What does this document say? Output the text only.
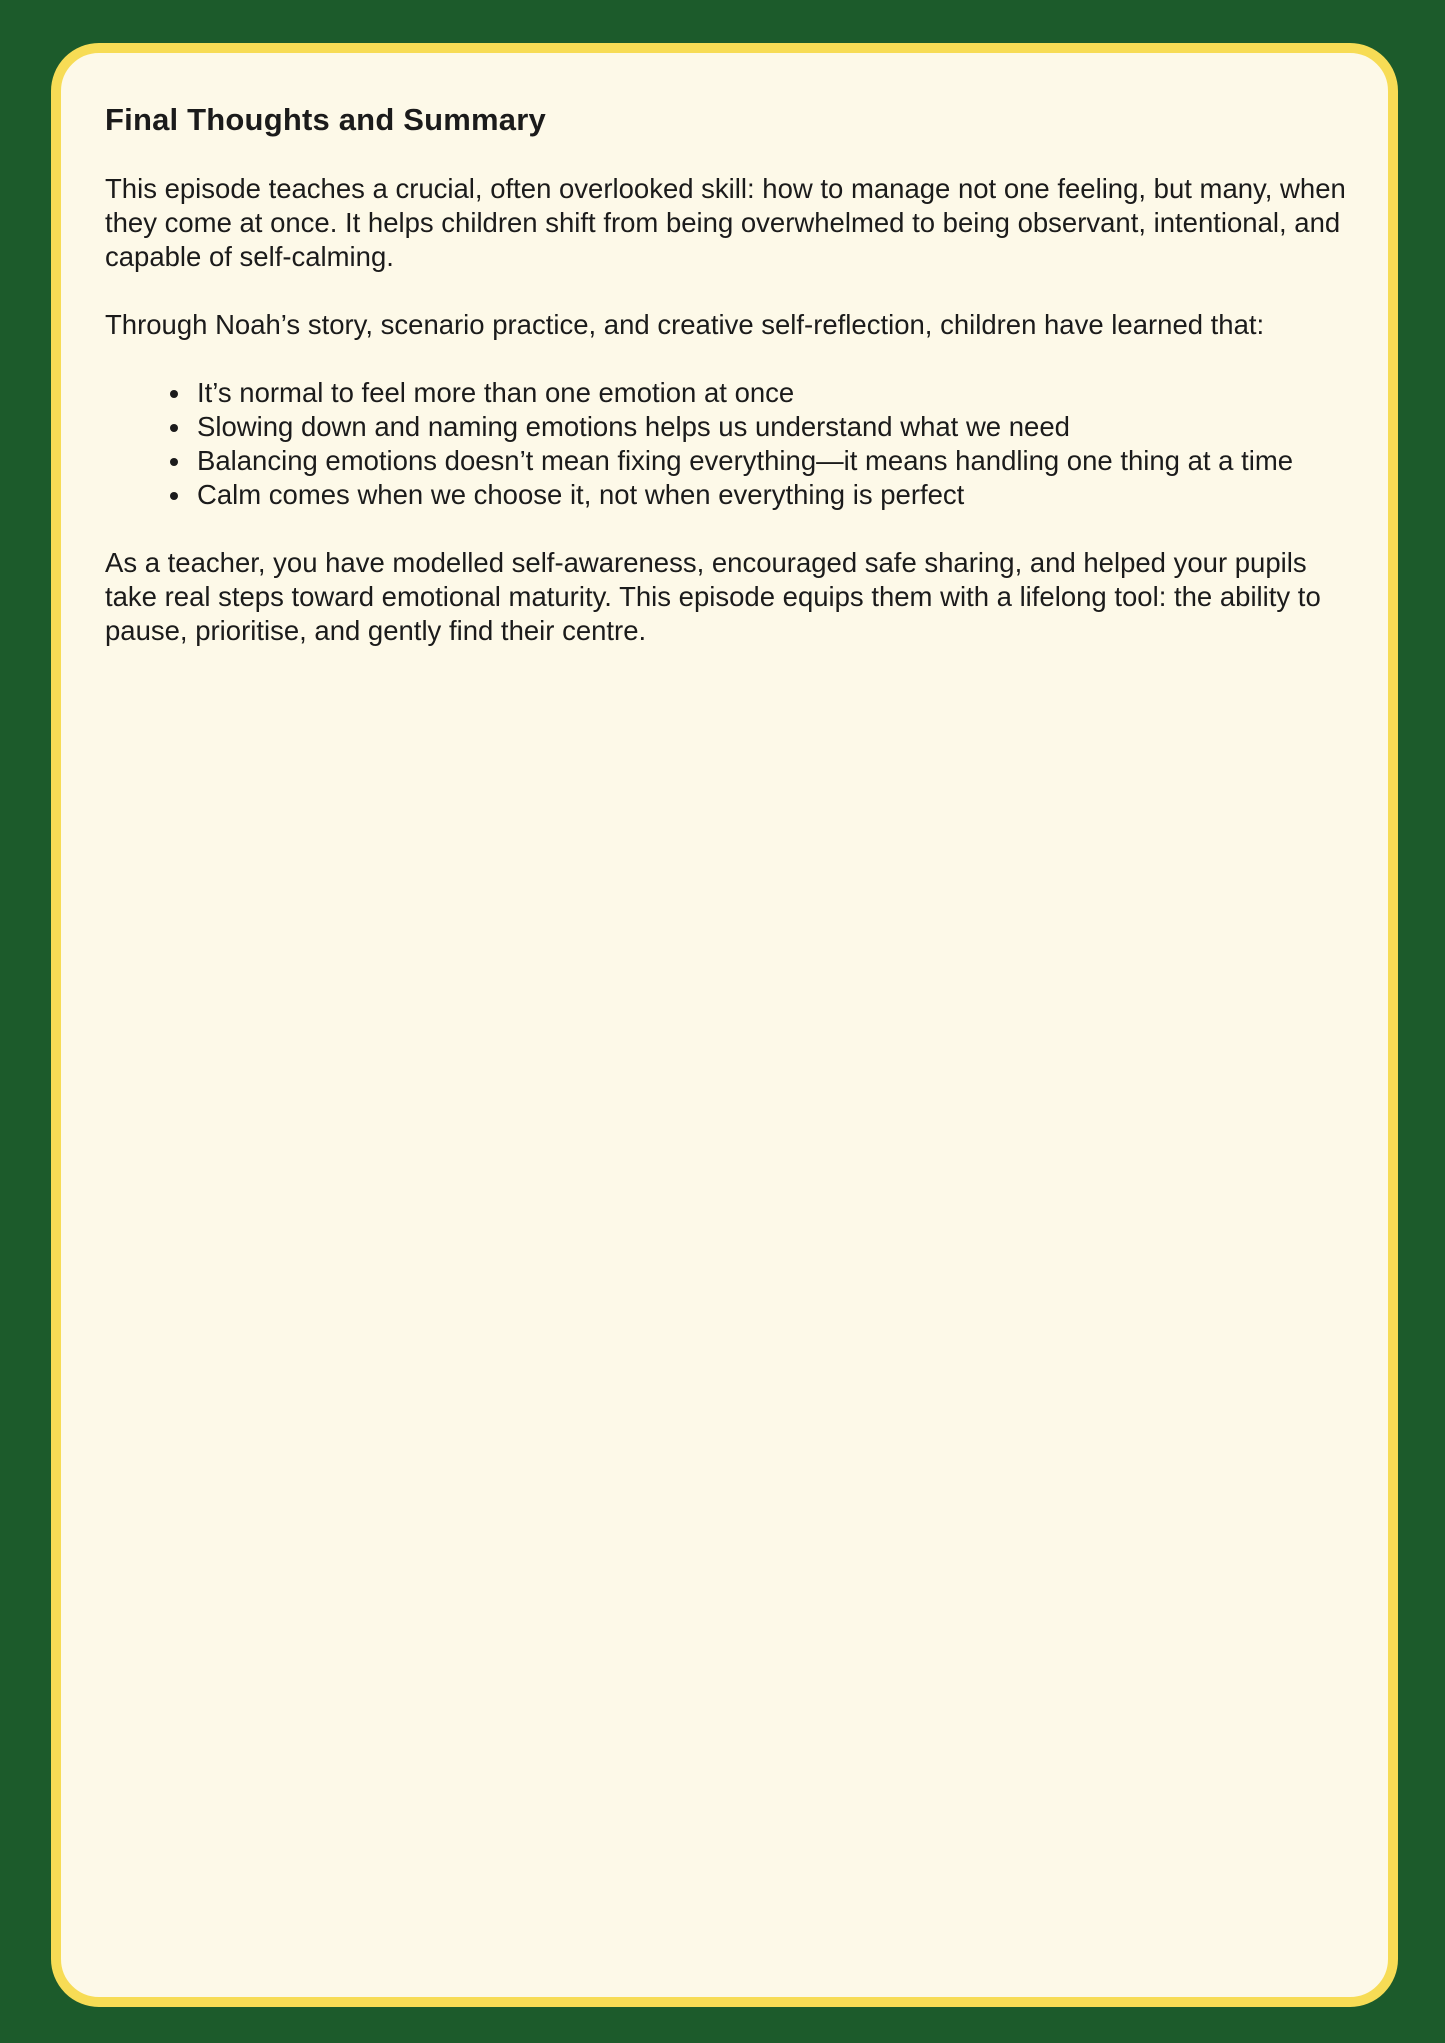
Final Thoughts and Summary

This episode teaches a crucial, often overlooked skill: how to manage not one feeling, but many, when they come at once. It helps children shift from being overwhelmed to being observant, intentional, and capable of self-calming.

Through Noah’s story, scenario practice, and creative self-reflection, children have learned that:

• It’s normal to feel more than one emotion at once
• Slowing down and naming emotions helps us understand what we need
• Balancing emotions doesn’t mean fixing everything—it means handling one thing at a time
• Calm comes when we choose it, not when everything is perfect

As a teacher, you have modelled self-awareness, encouraged safe sharing, and helped your pupils take real steps toward emotional maturity. This episode equips them with a lifelong tool: the ability to pause, prioritise, and gently find their centre.
